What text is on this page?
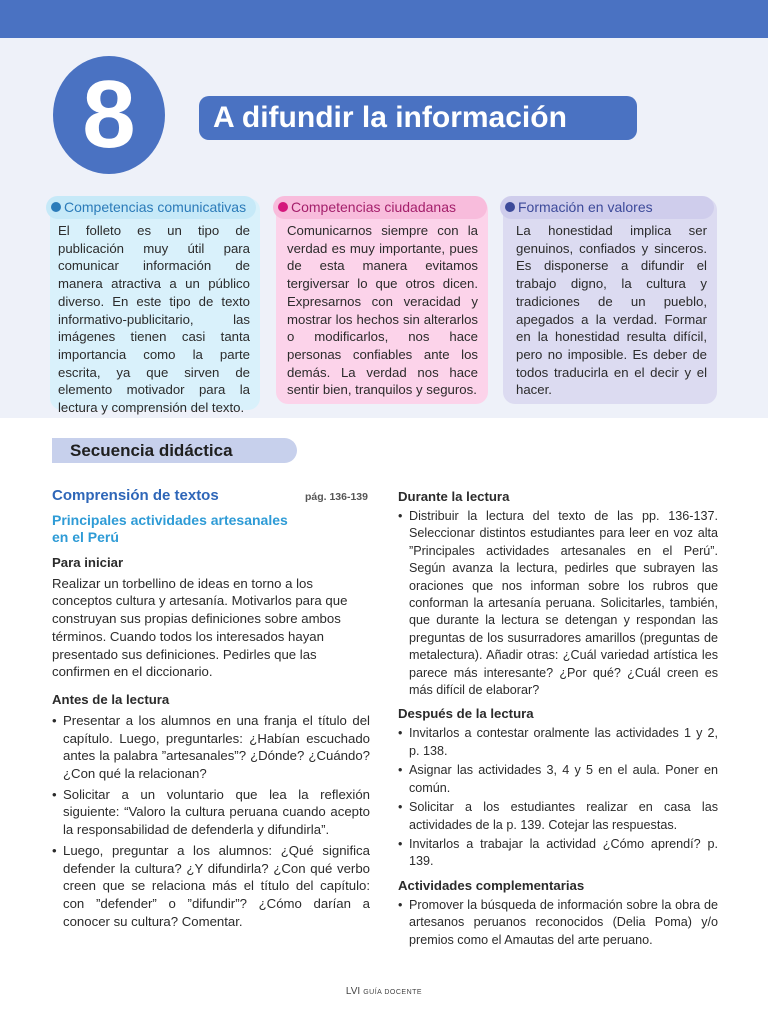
8	A difundir la información

El folleto es un tipo de publicación muy útil para comunicar información de manera atractiva a un público diverso. En este tipo de texto informativo-publicitario, las imágenes tienen casi tanta importancia como la parte escrita, ya que sirven de elemento motivador para la lectura y comprensión del texto.

Competencias comunicativas

Comunicarnos siempre con la verdad es muy importante, pues de esta manera evitamos tergiversar lo que otros dicen. Expresarnos con veracidad y mostrar los hechos sin alterarlos o modificarlos, nos hace personas confiables ante los demás. La verdad nos hace sentir bien, tranquilos y seguros.

Competencias ciudadanas

La honestidad implica ser genuinos, confiados y sinceros. Es disponerse a difundir el trabajo digno, la cultura y tradiciones de un pueblo, apegados a la verdad. Formar en la honestidad resulta difícil, pero no imposible. Es deber de todos traducirla en el decir y el hacer.

Formación en valores
Secuencia didáctica
Comprensión de textos	pág. 136-139
Principales actividades artesanales en el Perú
Para iniciar

Realizar un torbellino de ideas en torno a los conceptos cultura y artesanía. Motivarlos para que construyan sus propias definiciones sobre ambos términos. Cuando todos los interesados hayan presentado sus definiciones. Pedirles que las confirmen en el diccionario.

Antes de la lectura
• Presentar a los alumnos en una franja el título del capítulo. Luego, preguntarles: ¿Habían escuchado antes la palabra ”artesanales”? ¿Dónde? ¿Cuándo? ¿Con qué la relacionan?
• Solicitar a un voluntario que lea la reflexión siguiente: “Valoro la cultura peruana cuando acepto la responsabilidad de defenderla y difundirla”.
• Luego, preguntar a los alumnos: ¿Qué significa defender la cultura? ¿Y difundirla? ¿Con qué verbo creen que se relaciona más el título del capítulo: con ”defender” o ”difundir”? ¿Cómo darían a conocer su cultura? Comentar.
Durante la lectura
• Distribuir la lectura del texto de las pp. 136-137. Seleccionar distintos estudiantes para leer en voz alta ”Principales actividades artesanales en el Perú”. Según avanza la lectura, pedirles que subrayen las oraciones que nos informan sobre los rubros que conforman la artesanía peruana. Solicitarles, también, que durante la lectura se detengan y respondan las preguntas de los susurradores amarillos (preguntas de metalectura). Añadir otras: ¿Cuál variedad artística les parece más interesante? ¿Por qué? ¿Cuál creen es más difícil de elaborar?
Después de la lectura
• Invitarlos a contestar oralmente las actividades 1 y 2, p. 138.
• Asignar las actividades 3, 4 y 5 en el aula. Poner en común.
• Solicitar a los estudiantes realizar en casa las actividades de la p. 139. Cotejar las respuestas.
• Invitarlos a trabajar la actividad ¿Cómo aprendí? p. 139.
Actividades complementarias
• Promover la búsqueda de información sobre la obra de artesanos peruanos reconocidos (Delia Poma) y/o premios como el Amautas del arte peruano.
LVI GUÍA DOCENTE
